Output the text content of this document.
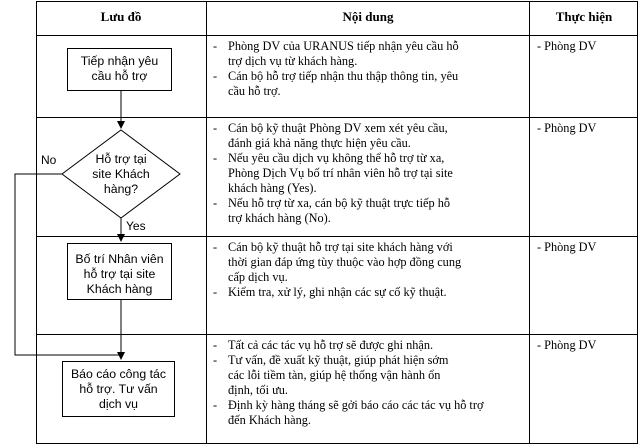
Lưu đồ	Nội dung	Thực hiện
Tiếp nhận yêu
cầu hỗ trợ
Hỗ trợ tại
site Khách
hàng?
Bố trí Nhân viên
hỗ trợ tại site
Khách hàng
Báo cáo công tác
hỗ trợ. Tư vấn
dịch vụ
No
Yes
- Phòng DV của URANUS tiếp nhận yêu cầu hỗ
trợ dịch vụ từ khách hàng.
- Cán bộ hỗ trợ tiếp nhận thu thập thông tin, yêu
cầu hỗ trợ.
- Phòng DV
- Cán bộ kỹ thuật Phòng DV xem xét yêu cầu,
đánh giá khả năng thực hiện yêu cầu.
- Nếu yêu cầu dịch vụ không thể hỗ trợ từ xa,
Phòng Dịch Vụ bố trí nhân viên hỗ trợ tại site
khách hàng (Yes).
- Nếu hỗ trợ từ xa, cán bộ kỹ thuật trực tiếp hỗ
trợ khách hàng (No).
- Phòng DV
- Cán bộ kỹ thuật hỗ trợ tại site khách hàng với
thời gian đáp ứng tùy thuộc vào hợp đồng cung
cấp dịch vụ.
- Kiểm tra, xử lý, ghi nhận các sự cố kỹ thuật.
- Phòng DV
- Tất cả các tác vụ hỗ trợ sẽ được ghi nhận.
- Tư vấn, đề xuất kỹ thuật, giúp phát hiện sớm
các lỗi tiềm tàn, giúp hệ thống vận hành ổn
định, tối ưu.
- Định kỳ hàng tháng sẽ gởi báo cáo các tác vụ hỗ trợ
đến Khách hàng.
- Phòng DV
